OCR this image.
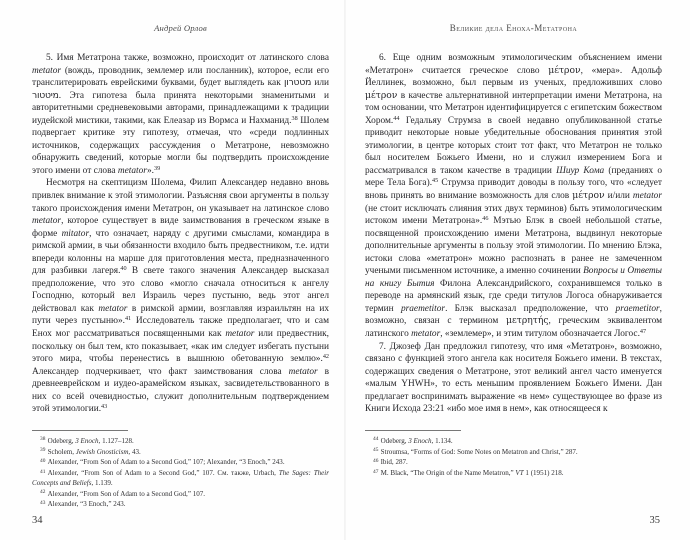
Андрей Орлов

5. Имя Метатрона также, возможно, происходит от латинского слова metator (вождь, проводник, землемер или посланник), которое, если его транслитерировать еврейскими буквами, будет выглядеть как מטטרון или מיטטור. Эта гипотеза была принята некоторыми знаменитыми и авторитетными средневековыми авторами, принадлежащими к традиции иудейской мистики, такими, как Елеазар из Вормса и Нахманид.$^{38}$ Шолем подвергает критике эту гипотезу, отмечая, что «среди подлинных источников, содержащих рассуждения о Метатроне, невозможно обнаружить сведений, которые могли бы подтвердить происхождение этого имени от слова metator».$^{39}$

Несмотря на скептицизм Шолема, Филип Александер недавно вновь привлек внимание к этой этимологии. Разъясняя свои аргументы в пользу такого происхождения имени Метатрон, он указывает на латинское слово metator, которое существует в виде заимствования в греческом языке в форме mitator, что означает, наряду с другими смыслами, командира в римской армии, в чьи обязанности входило быть предвестником, т.е. идти впереди колонны на марше для приготовления места, предназначенного для разбивки лагеря.$^{40}$ В свете такого значения Александер высказал предположение, что это слово «могло сначала относиться к ангелу Господню, который вел Израиль через пустыню, ведь этот ангел действовал как metator в римской армии, возглавляя израильтян на их пути через пустыню».$^{41}$ Исследователь также предполагает, что и сам Енох мог рассматриваться посвященными как metator или предвестник, поскольку он был тем, кто показывает, «как им следует избегать пустыни этого мира, чтобы перенестись в вышнюю обетованную землю».$^{42}$ Александер подчеркивает, что факт заимствования слова metator в древнееврейском и иудео-арамейском языках, засвидетельствованного в них со всей очевидностью, служит дополнительным подтверждением этой этимологии.$^{43}$

$^{38}$ Odeberg, 3 Enoch, 1.127–128.

$^{39}$ Scholem, Jewish Gnosticism, 43.

$^{40}$ Alexander, “From Son of Adam to a Second God,” 107; Alexander, “3 Enoch,” 243.

$^{41}$ Alexander, “From Son of Adam to a Second God,” 107. См. также, Urbach, The Sages: Their Concepts and Beliefs, 1.139.

$^{42}$ Alexander, “From Son of Adam to a Second God,” 107.

$^{43}$ Alexander, “3 Enoch,” 243.

34
Великие дела Еноха-Метатрона

6. Еще одним возможным этимологическим объяснением имени «Метатрон» считается греческое слово μέτρον, «мера». Адольф Йеллинек, возможно, был первым из ученых, предложивших слово μέτρον в качестве альтернативной интерпретации имени Метатрона, на том основании, что Метатрон идентифицируется с египетским божеством Хором.$^{44}$ Гедальяу Струмза в своей недавно опубликованной статье приводит некоторые новые убедительные обоснования принятия этой этимологии, в центре которых стоит тот факт, что Метатрон не только был носителем Божьего Имени, но и служил измерением Бога и рассматривался в таком качестве в традиции Шиур Кома (преданиях о мере Тела Бога).$^{45}$ Струмза приводит доводы в пользу того, что «следует вновь принять во внимание возможность для слов μέτρον и/или metator (не стоит исключать слияния этих двух терминов) быть этимологическим истоком имени Метатрона».$^{46}$ Мэтью Блэк в своей небольшой статье, посвященной происхождению имени Метатрона, выдвинул некоторые дополнительные аргументы в пользу этой этимологии. По мнению Блэка, истоки слова «метатрон» можно распознать в ранее не замеченном учеными письменном источнике, а именно сочинении Вопросы и Ответы на книгу Бытия Филона Александрийского, сохранившемся только в переводе на армянский язык, где среди титулов Логоса обнаруживается термин praemetitor. Блэк высказал предположение, что praemetitor, возможно, связан с термином μετρητής, греческим эквивалентом латинского metator, «землемер», и этим титулом обозначается Логос.$^{47}$

7. Джозеф Дан предложил гипотезу, что имя «Метатрон», возможно, связано с функцией этого ангела как носителя Божьего имени. В текстах, содержащих сведения о Метатроне, этот великий ангел часто именуется «малым YHWH», то есть меньшим проявлением Божьего Имени. Дан предлагает воспринимать выражение «в нем» существующее во фразе из Книги Исхода 23:21 «ибо мое имя в нем», как относящееся к

$^{44}$ Odeberg, 3 Enoch, 1.134.

$^{45}$ Stroumsa, “Forms of God: Some Notes on Metatron and Christ,” 287.

$^{46}$ Ibid, 287.

$^{47}$ M. Black, “The Origin of the Name Metatron,” VT 1 (1951) 218.

35
